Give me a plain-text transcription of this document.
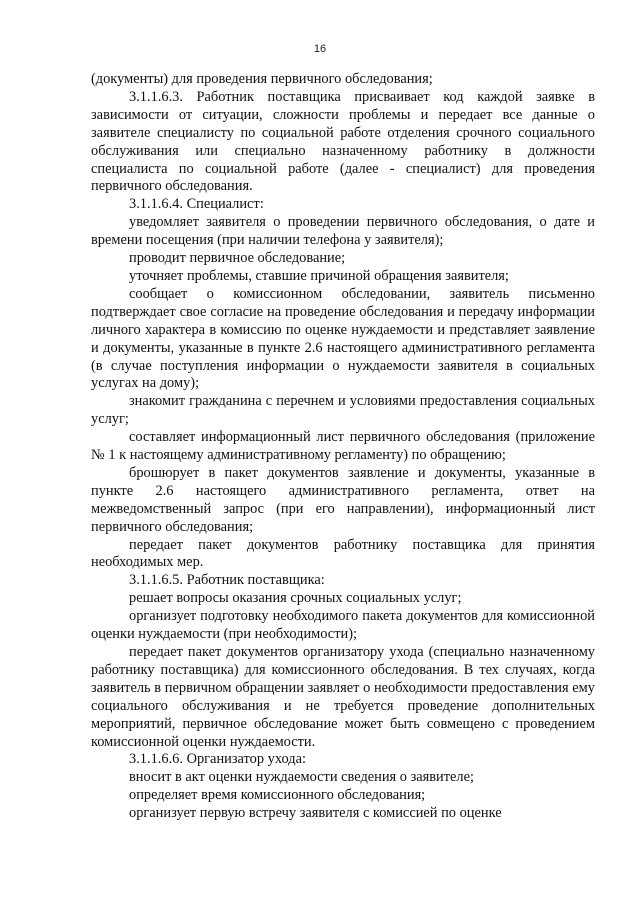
16

(документы) для проведения первичного обследования;

3.1.1.6.3. Работник поставщика присваивает код каждой заявке в зависимости от ситуации, сложности проблемы и передает все данные о заявителе специалисту по социальной работе отделения срочного социального обслуживания или специально назначенному работнику в должности специалиста по социальной работе (далее - специалист) для проведения первичного обследования.

3.1.1.6.4. Специалист:

уведомляет заявителя о проведении первичного обследования, о дате и времени посещения (при наличии телефона у заявителя);

проводит первичное обследование;

уточняет проблемы, ставшие причиной обращения заявителя;

сообщает о комиссионном обследовании, заявитель письменно подтверждает свое согласие на проведение обследования и передачу информации личного характера в комиссию по оценке нуждаемости и представляет заявление и документы, указанные в пункте 2.6 настоящего административного регламента (в случае поступления информации о нуждаемости заявителя в социальных услугах на дому);

знакомит гражданина с перечнем и условиями предоставления социальных услуг;

составляет информационный лист первичного обследования (приложение № 1 к настоящему административному регламенту) по обращению;

брошюрует в пакет документов заявление и документы, указанные в пункте 2.6 настоящего административного регламента, ответ на межведомственный запрос (при его направлении), информационный лист первичного обследования;

передает пакет документов работнику поставщика для принятия необходимых мер.

3.1.1.6.5. Работник поставщика:

решает вопросы оказания срочных социальных услуг;

организует подготовку необходимого пакета документов для комиссионной оценки нуждаемости (при необходимости);

передает пакет документов организатору ухода (специально назначенному работнику поставщика) для комиссионного обследования. В тех случаях, когда заявитель в первичном обращении заявляет о необходимости предоставления ему социального обслуживания и не требуется проведение дополнительных мероприятий, первичное обследование может быть совмещено с проведением комиссионной оценки нуждаемости.

3.1.1.6.6. Организатор ухода:

вносит в акт оценки нуждаемости сведения о заявителе;

определяет время комиссионного обследования;

организует первую встречу заявителя с комиссией по оценке
